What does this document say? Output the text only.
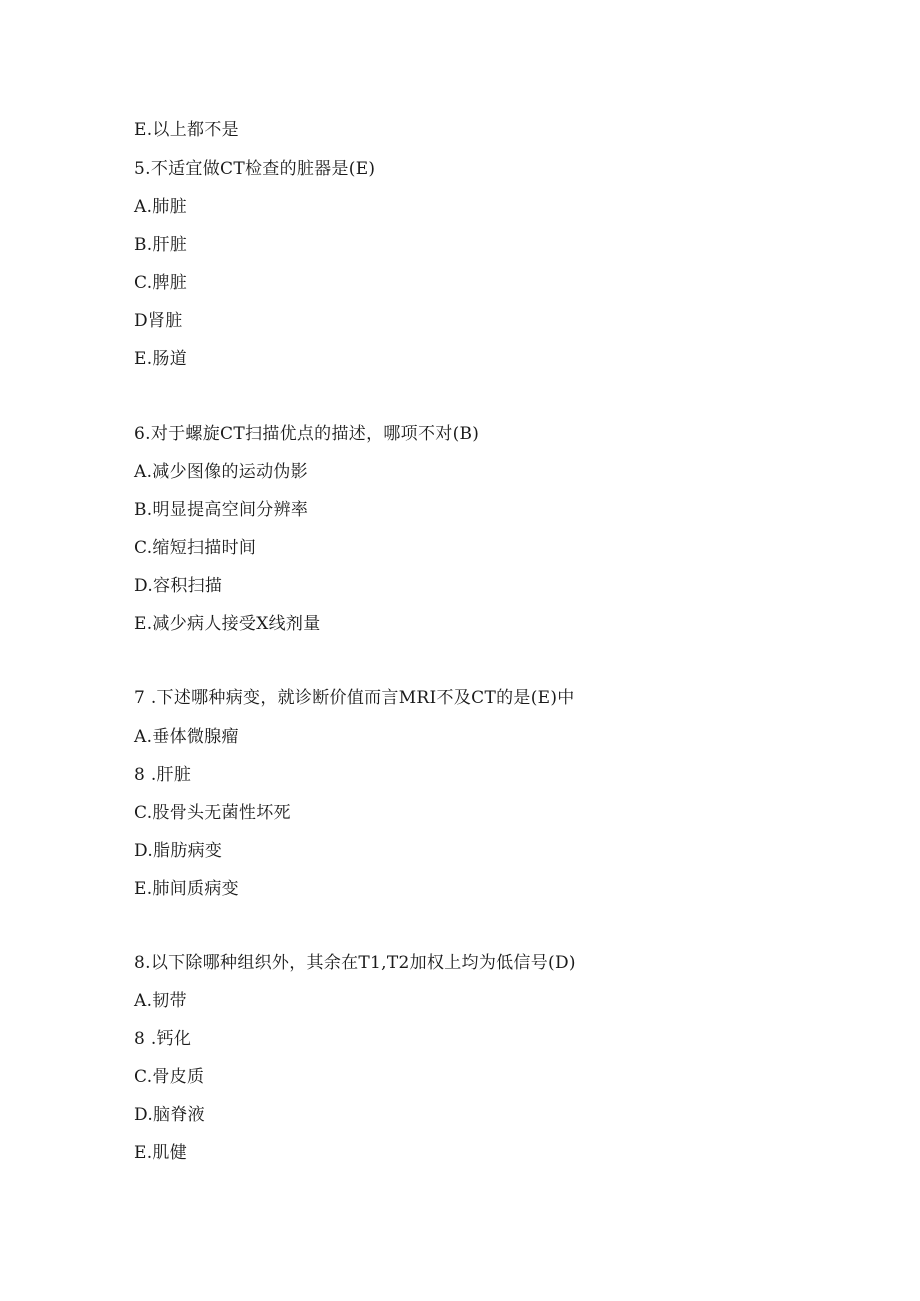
E.以上都不是
5.不适宜做CT检查的脏器是(E)
A.肺脏
B.肝脏
C.脾脏
D肾脏
E.肠道
6.对于螺旋CT扫描优点的描述，哪项不对(B)
A.减少图像的运动伪影
B.明显提高空间分辨率
C.缩短扫描时间
D.容积扫描
E.减少病人接受X线剂量
7 .下述哪种病变，就诊断价值而言MRI不及CT的是(E)中
A.垂体微腺瘤
8 .肝脏
C.股骨头无菌性坏死
D.脂肪病变
E.肺间质病变
8.以下除哪种组织外，其余在T1,T2加权上均为低信号(D)
A.韧带
8 .钙化
C.骨皮质
D.脑脊液
E.肌健
